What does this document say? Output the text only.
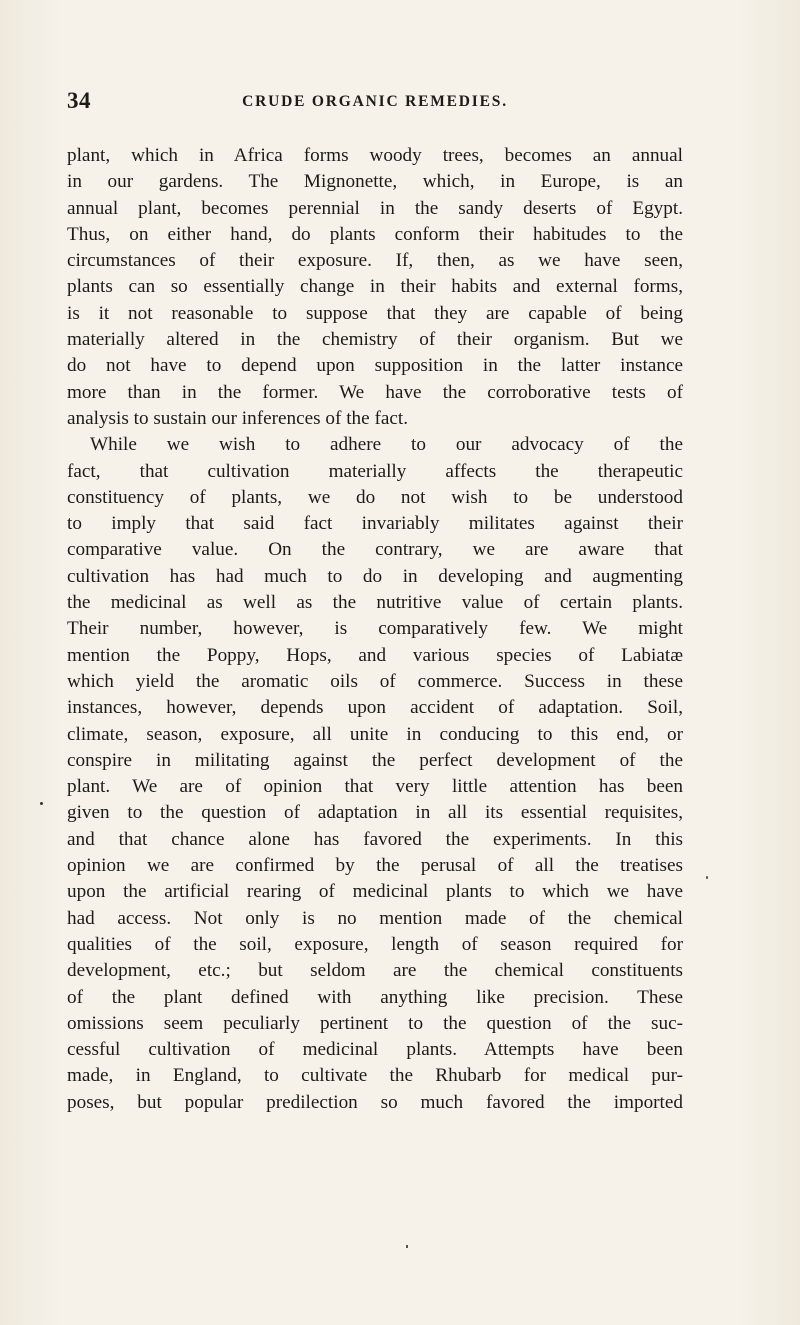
34	CRUDE ORGANIC REMEDIES.
plant, which in Africa forms woody trees, becomes an annual
in our gardens. The Mignonette, which, in Europe, is an
annual plant, becomes perennial in the sandy deserts of Egypt.
Thus, on either hand, do plants conform their habitudes to the
circumstances of their exposure. If, then, as we have seen,
plants can so essentially change in their habits and external forms,
is it not reasonable to suppose that they are capable of being
materially altered in the chemistry of their organism. But we
do not have to depend upon supposition in the latter instance
more than in the former. We have the corroborative tests of
analysis to sustain our inferences of the fact.
While we wish to adhere to our advocacy of the
fact, that cultivation materially affects the therapeutic
constituency of plants, we do not wish to be understood
to imply that said fact invariably militates against their
comparative value. On the contrary, we are aware that
cultivation has had much to do in developing and augmenting
the medicinal as well as the nutritive value of certain plants.
Their number, however, is comparatively few. We might
mention the Poppy, Hops, and various species of Labiatæ
which yield the aromatic oils of commerce. Success in these
instances, however, depends upon accident of adaptation. Soil,
climate, season, exposure, all unite in conducing to this end, or
conspire in militating against the perfect development of the
plant. We are of opinion that very little attention has been
given to the question of adaptation in all its essential requisites,
and that chance alone has favored the experiments. In this
opinion we are confirmed by the perusal of all the treatises
upon the artificial rearing of medicinal plants to which we have
had access. Not only is no mention made of the chemical
qualities of the soil, exposure, length of season required for
development, etc.; but seldom are the chemical constituents
of the plant defined with anything like precision. These
omissions seem peculiarly pertinent to the question of the suc-
cessful cultivation of medicinal plants. Attempts have been
made, in England, to cultivate the Rhubarb for medical pur-
poses, but popular predilection so much favored the imported
